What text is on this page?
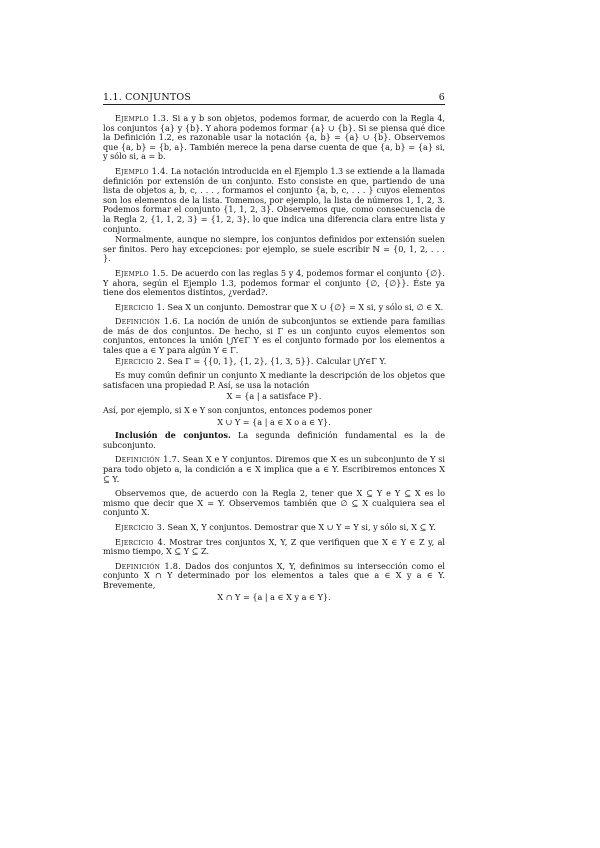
1.1. CONJUNTOS	6
Ejemplo 1.3. Si a y b son objetos, podemos formar, de acuerdo con la Regla 4, los conjuntos {a} y {b}. Y ahora podemos formar {a} ∪ {b}. Si se piensa qué dice la Definición 1.2, es razonable usar la notación {a, b} = {a} ∪ {b}. Observemos que {a, b} = {b, a}. También merece la pena darse cuenta de que {a, b} = {a} si, y sólo si, a = b.
Ejemplo 1.4. La notación introducida en el Ejemplo 1.3 se extiende a la llamada definición por extensión de un conjunto. Esto consiste en que, partiendo de una lista de objetos a, b, c, . . . , formamos el conjunto {a, b, c, . . . } cuyos elementos son los elementos de la lista. Tomemos, por ejemplo, la lista de números 1, 1, 2, 3. Podemos formar el conjunto {1, 1, 2, 3}. Observemos que, como consecuencia de la Regla 2, {1, 1, 2, 3} = {1, 2, 3}, lo que indica una diferencia clara entre lista y conjunto.
Normalmente, aunque no siempre, los conjuntos definidos por extensión suelen ser finitos. Pero hay excepciones: por ejemplo, se suele escribir ℕ = {0, 1, 2, . . . }.
Ejemplo 1.5. De acuerdo con las reglas 5 y 4, podemos formar el conjunto {∅}. Y ahora, según el Ejemplo 1.3, podemos formar el conjunto {∅, {∅}}. Éste ya tiene dos elementos distintos, ¿verdad?.
Ejercicio 1. Sea X un conjunto. Demostrar que X ∪ {∅} = X si, y sólo si, ∅ ∈ X.
Definición 1.6. La noción de unión de subconjuntos se extiende para familias de más de dos conjuntos. De hecho, si Γ es un conjunto cuyos elementos son conjuntos, entonces la unión ⋃Y∈Γ Y es el conjunto formado por los elementos a tales que a ∈ Y para algún Y ∈ Γ.
Ejercicio 2. Sea Γ = {{0, 1}, {1, 2}, {1, 3, 5}}. Calcular ⋃Y∈Γ Y.
Es muy común definir un conjunto X mediante la descripción de los objetos que satisfacen una propiedad P. Así, se usa la notación
X = {a | a satisface P}.
Así, por ejemplo, si X e Y son conjuntos, entonces podemos poner
X ∪ Y = {a | a ∈ X o a ∈ Y}.
Inclusión de conjuntos. La segunda definición fundamental es la de subconjunto.
Definición 1.7. Sean X e Y conjuntos. Diremos que X es un subconjunto de Y si para todo objeto a, la condición a ∈ X implica que a ∈ Y. Escribiremos entonces X ⊆ Y.
Observemos que, de acuerdo con la Regla 2, tener que X ⊆ Y e Y ⊆ X es lo mismo que decir que X = Y. Observemos también que ∅ ⊆ X cualquiera sea el conjunto X.
Ejercicio 3. Sean X, Y conjuntos. Demostrar que X ∪ Y = Y si, y sólo si, X ⊆ Y.
Ejercicio 4. Mostrar tres conjuntos X, Y, Z que verifiquen que X ∈ Y ∈ Z y, al mismo tiempo, X ⊆ Y ⊆ Z.
Definición 1.8. Dados dos conjuntos X, Y, definimos su intersección como el conjunto X ∩ Y determinado por los elementos a tales que a ∈ X y a ∈ Y. Brevemente,
X ∩ Y = {a | a ∈ X y a ∈ Y}.
